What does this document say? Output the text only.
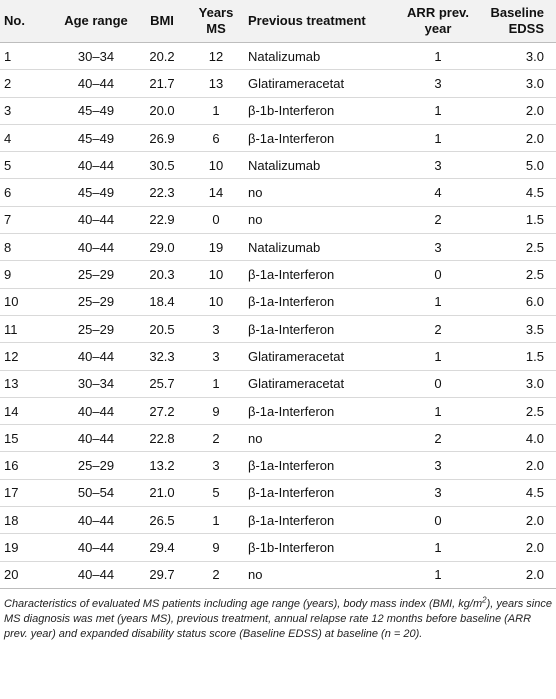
No.	Age range	BMI	Years MS	Previous treatment	ARR prev. year	Baseline EDSS
1	30–34	20.2	12	Natalizumab	1	3.0
2	40–44	21.7	13	Glatirameracetat	3	3.0
3	45–49	20.0	1	β-1b-Interferon	1	2.0
4	45–49	26.9	6	β-1a-Interferon	1	2.0
5	40–44	30.5	10	Natalizumab	3	5.0
6	45–49	22.3	14	no	4	4.5
7	40–44	22.9	0	no	2	1.5
8	40–44	29.0	19	Natalizumab	3	2.5
9	25–29	20.3	10	β-1a-Interferon	0	2.5
10	25–29	18.4	10	β-1a-Interferon	1	6.0
11	25–29	20.5	3	β-1a-Interferon	2	3.5
12	40–44	32.3	3	Glatirameracetat	1	1.5
13	30–34	25.7	1	Glatirameracetat	0	3.0
14	40–44	27.2	9	β-1a-Interferon	1	2.5
15	40–44	22.8	2	no	2	4.0
16	25–29	13.2	3	β-1a-Interferon	3	2.0
17	50–54	21.0	5	β-1a-Interferon	3	4.5
18	40–44	26.5	1	β-1a-Interferon	0	2.0
19	40–44	29.4	9	β-1b-Interferon	1	2.0
20	40–44	29.7	2	no	1	2.0
Characteristics of evaluated MS patients including age range (years), body mass index (BMI, $kg/m^2$), years since MS diagnosis was met (years MS), previous treatment, annual relapse rate 12 months before baseline (ARR prev. year) and expanded disability status score (Baseline EDSS) at baseline (n = 20).
